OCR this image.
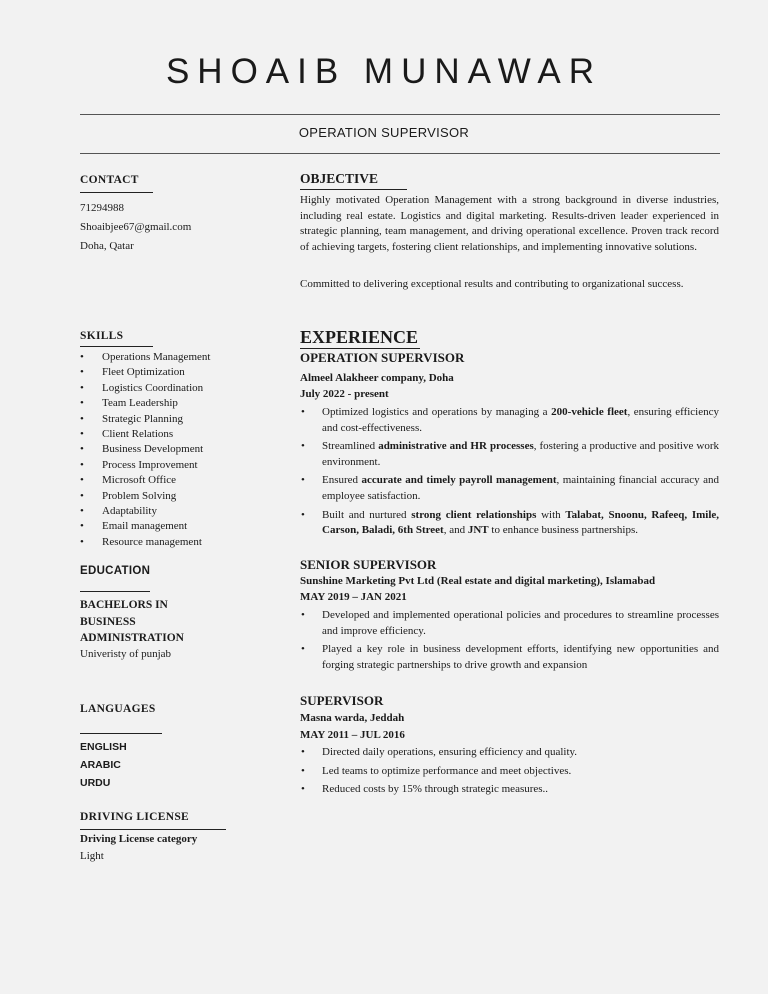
SHOAIB MUNAWAR
OPERATION SUPERVISOR
CONTACT
71294988
Shoaibjee67@gmail.com
Doha, Qatar
SKILLS
• Operations Management
• Fleet Optimization
• Logistics Coordination
• Team Leadership
• Strategic Planning
• Client Relations
• Business Development
• Process Improvement
• Microsoft Office
• Problem Solving
• Adaptability
• Email management
• Resource management
EDUCATION
BACHELORS IN
BUSINESS
ADMINISTRATION
Univeristy of punjab
LANGUAGES
ENGLISH
ARABIC
URDU
DRIVING LICENSE
Driving License category
Light
OBJECTIVE

Highly motivated Operation Management with a strong background in diverse industries, including real estate. Logistics and digital marketing. Results-driven leader experienced in strategic planning, team management, and driving operational excellence. Proven track record of achieving targets, fostering client relationships, and implementing innovative solutions.

Committed to delivering exceptional results and contributing to organizational success.

EXPERIENCE
OPERATION SUPERVISOR
Almeel Alakheer company, Doha
July 2022 - present
• Optimized logistics and operations by managing a 200-vehicle fleet, ensuring efficiency and cost-effectiveness.
• Streamlined administrative and HR processes, fostering a productive and positive work environment.
• Ensured accurate and timely payroll management, maintaining financial accuracy and employee satisfaction.
• Built and nurtured strong client relationships with Talabat, Snoonu, Rafeeq, Imile, Carson, Baladi, 6th Street, and JNT to enhance business partnerships.
SENIOR SUPERVISOR
Sunshine Marketing Pvt Ltd (Real estate and digital marketing), Islamabad
MAY 2019 – JAN 2021
• Developed and implemented operational policies and procedures to streamline processes and improve efficiency.
• Played a key role in business development efforts, identifying new opportunities and forging strategic partnerships to drive growth and expansion
SUPERVISOR
Masna warda, Jeddah
MAY 2011 – JUL 2016
• Directed daily operations, ensuring efficiency and quality.
• Led teams to optimize performance and meet objectives.
• Reduced costs by 15% through strategic measures..
